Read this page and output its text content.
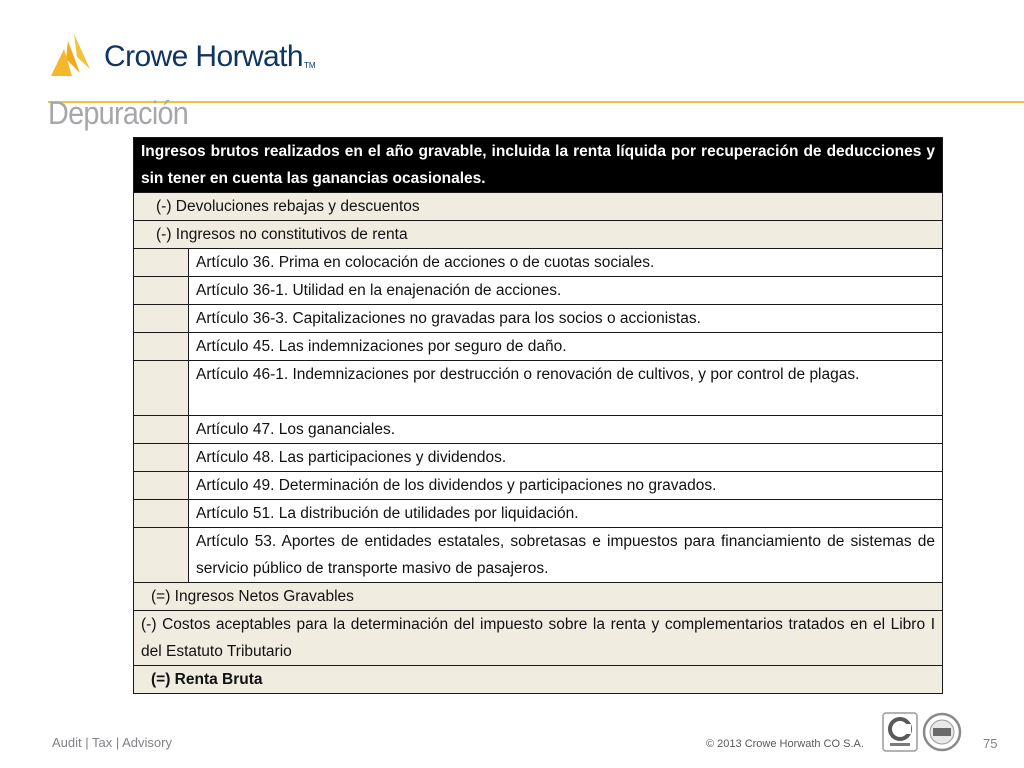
Crowe Horwath TM
Depuración
Ingresos brutos realizados en el año gravable, incluida la renta líquida por recuperación de deducciones y sin tener en cuenta las ganancias ocasionales.	
(-) Devoluciones rebajas y descuentos	
(-) Ingresos no constitutivos de renta	
	Artículo 36. Prima en colocación de acciones o de cuotas sociales.
	Artículo 36-1. Utilidad en la enajenación de acciones.
	Artículo 36-3. Capitalizaciones no gravadas para los socios o accionistas.
	Artículo 45. Las indemnizaciones por seguro de daño.
	Artículo 46-1. Indemnizaciones por destrucción o renovación de cultivos, y por control de plagas.
	Artículo 47. Los gananciales.
	Artículo 48. Las participaciones y dividendos.
	Artículo 49. Determinación de los dividendos y participaciones no gravados.
	Artículo 51. La distribución de utilidades por liquidación.
	Artículo 53. Aportes de entidades estatales, sobretasas e impuestos para financiamiento de sistemas de servicio público de transporte masivo de pasajeros.
(=) Ingresos Netos Gravables	
(-) Costos aceptables para la determinación del impuesto sobre la renta y complementarios tratados en el Libro I del Estatuto Tributario	
(=) Renta Bruta	
Audit | Tax | Advisory	© 2013 Crowe Horwath CO S.A.	75
